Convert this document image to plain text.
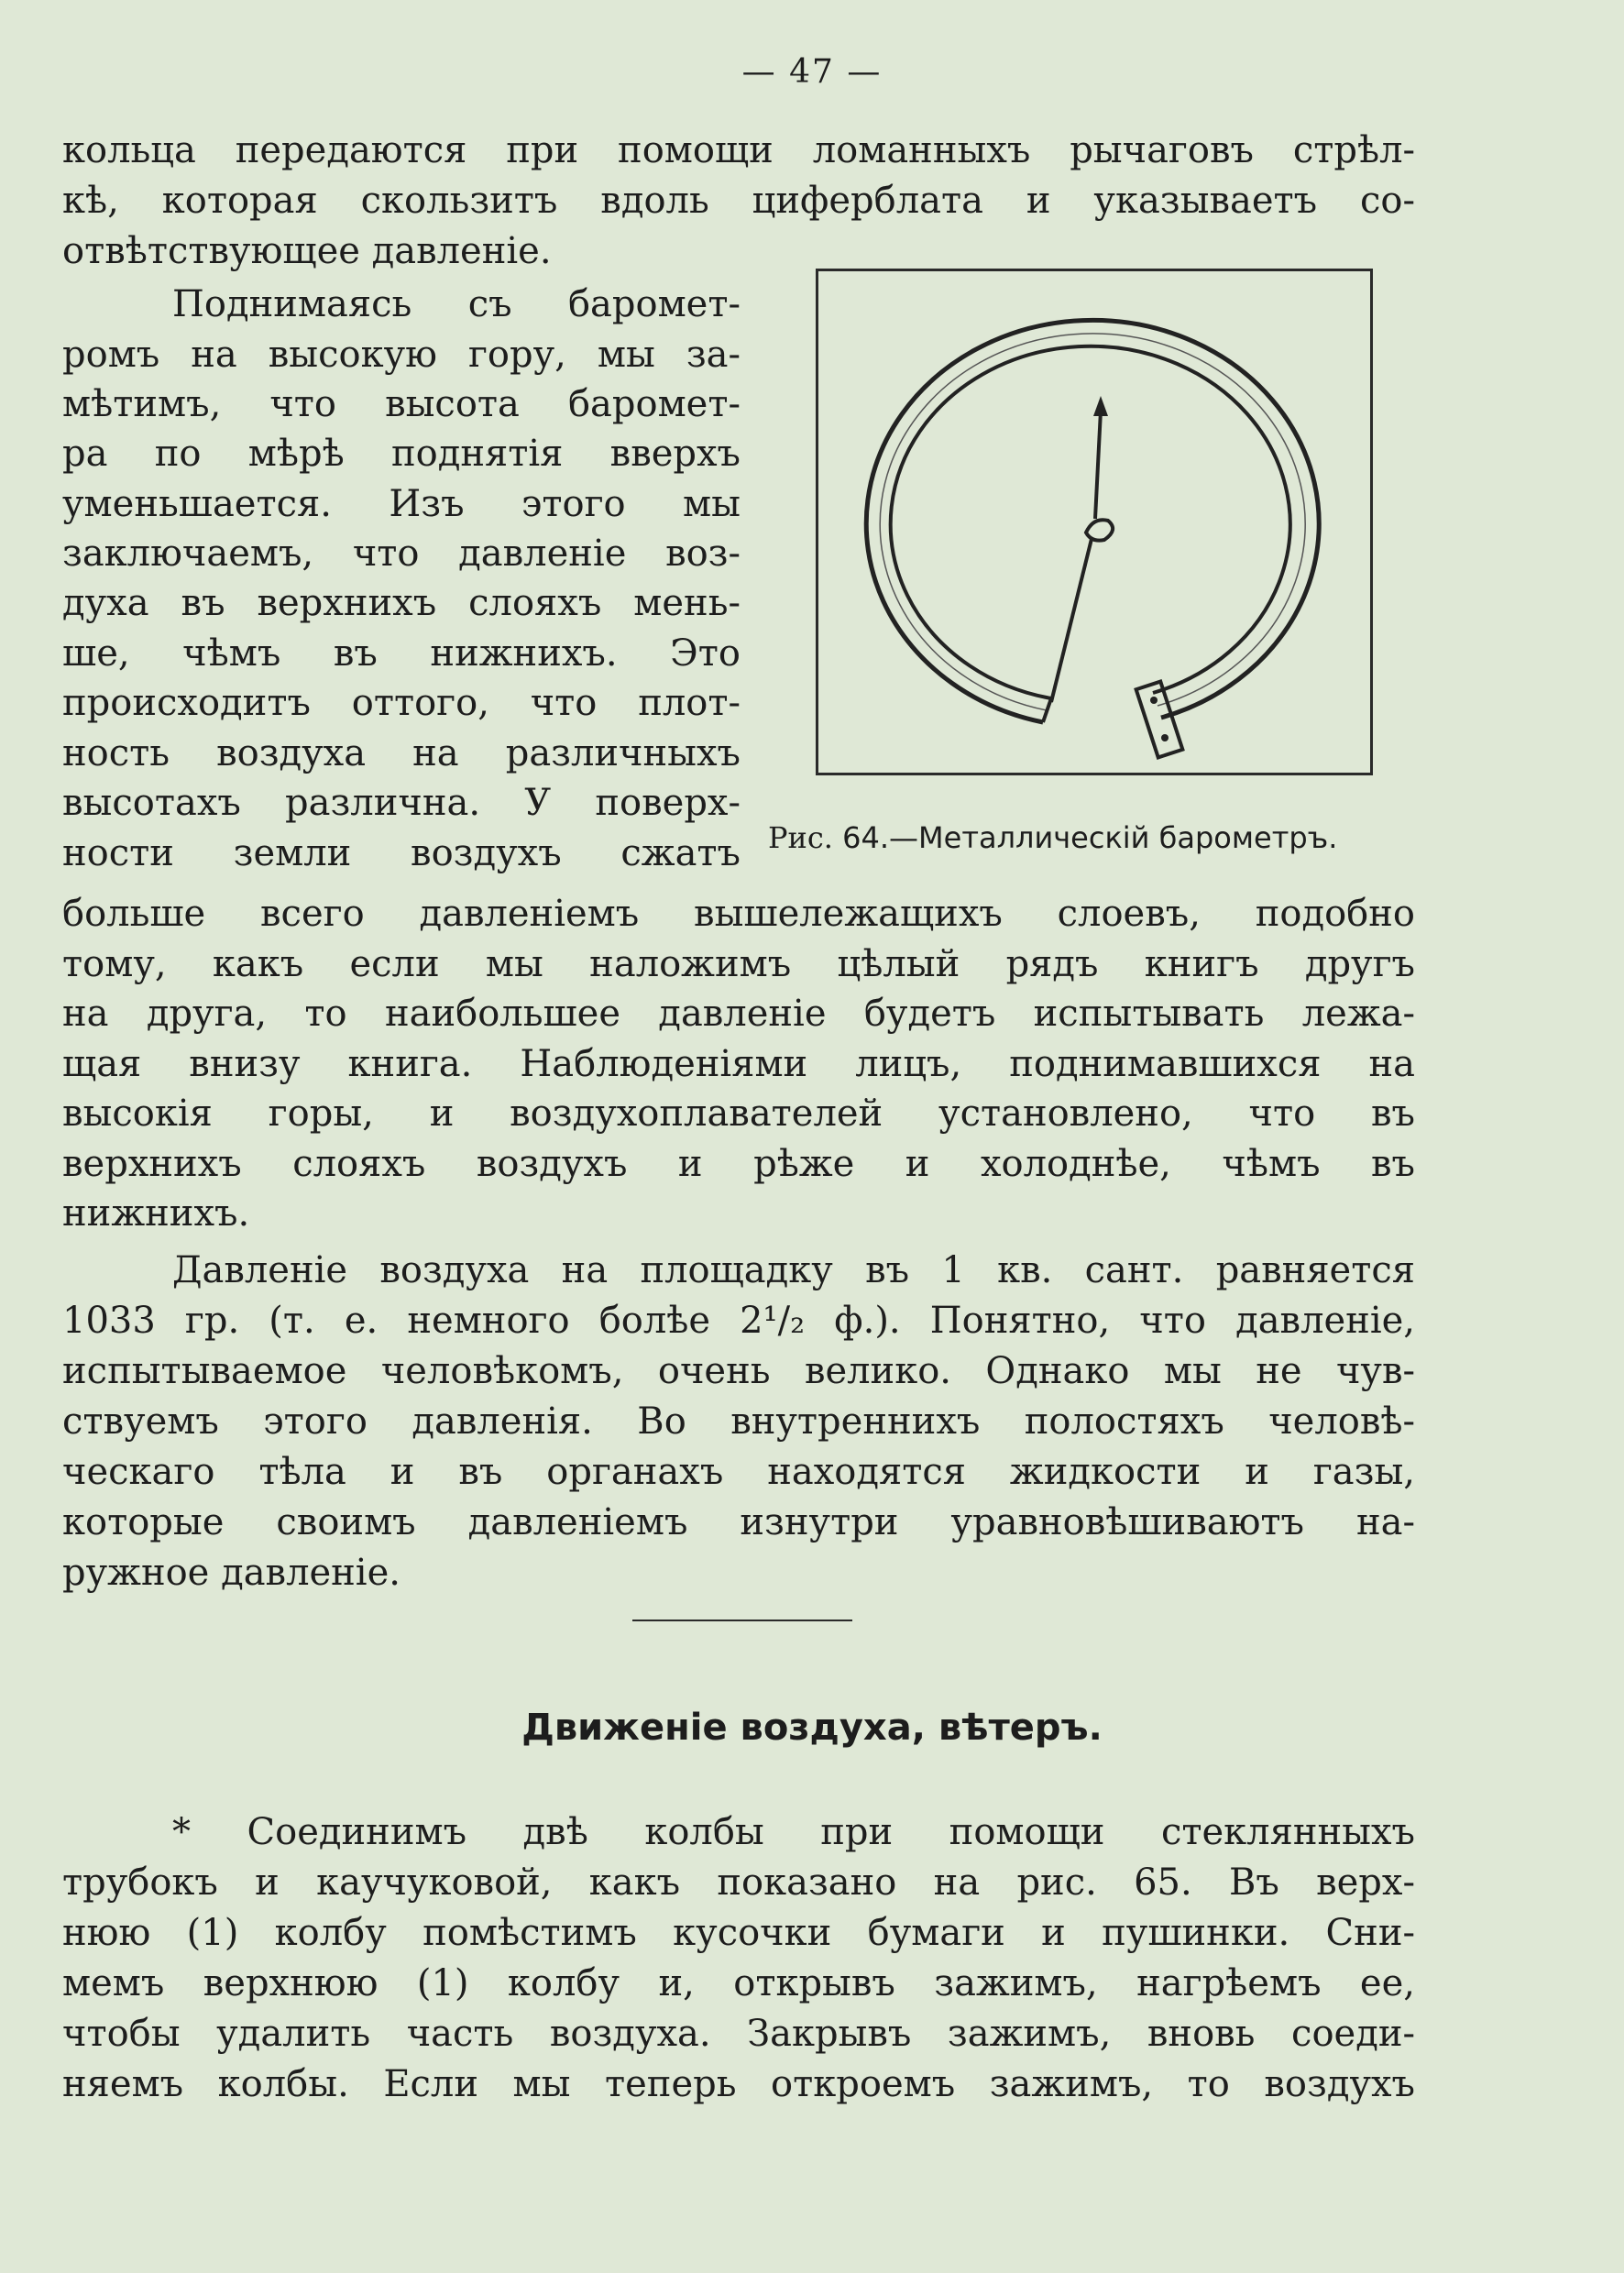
— 47 —
кольца передаются при помощи ломанныхъ рычаговъ стрѣл-
кѣ, которая скользитъ вдоль циферблата и указываетъ со-
отвѣтствующее давленіе.
Поднимаясь съ баромет-
ромъ на высокую гору, мы за-
мѣтимъ, что высота баромет-
ра по мѣрѣ поднятія вверхъ
уменьшается. Изъ этого мы
заключаемъ, что давленіе воз-
духа въ верхнихъ слояхъ мень-
ше, чѣмъ въ нижнихъ. Это
происходитъ оттого, что плот-
ность воздуха на различныхъ
высотахъ различна. У поверх-
ности земли воздухъ сжатъ Рис. 64.—Металлическій барометръ.
больше всего давленіемъ вышележащихъ слоевъ, подобно
тому, какъ если мы наложимъ цѣлый рядъ книгъ другъ
на друга, то наибольшее давленіе будетъ испытывать лежа-
щая внизу книга. Наблюденіями лицъ, поднимавшихся на
высокія горы, и воздухоплавателей установлено, что въ
верхнихъ слояхъ воздухъ и рѣже и холоднѣе, чѣмъ въ
нижнихъ.
Давленіе воздуха на площадку въ 1 кв. сант. равняется
1033 гр. (т. е. немного болѣе 2¹/₂ ф.). Понятно, что давленіе,
испытываемое человѣкомъ, очень велико. Однако мы не чув-
ствуемъ этого давленія. Во внутреннихъ полостяхъ человѣ-
ческаго тѣла и въ органахъ находятся жидкости и газы,
которые своимъ давленіемъ изнутри уравновѣшиваютъ на-
ружное давленіе.
Движеніе воздуха, вѣтеръ.
* Соединимъ двѣ колбы при помощи стеклянныхъ
трубокъ и каучуковой, какъ показано на рис. 65. Въ верх-
нюю (1) колбу помѣстимъ кусочки бумаги и пушинки. Сни-
мемъ верхнюю (1) колбу и, открывъ зажимъ, нагрѣемъ ее,
чтобы удалить часть воздуха. Закрывъ зажимъ, вновь соеди-
няемъ колбы. Если мы теперь откроемъ зажимъ, то воздухъ
